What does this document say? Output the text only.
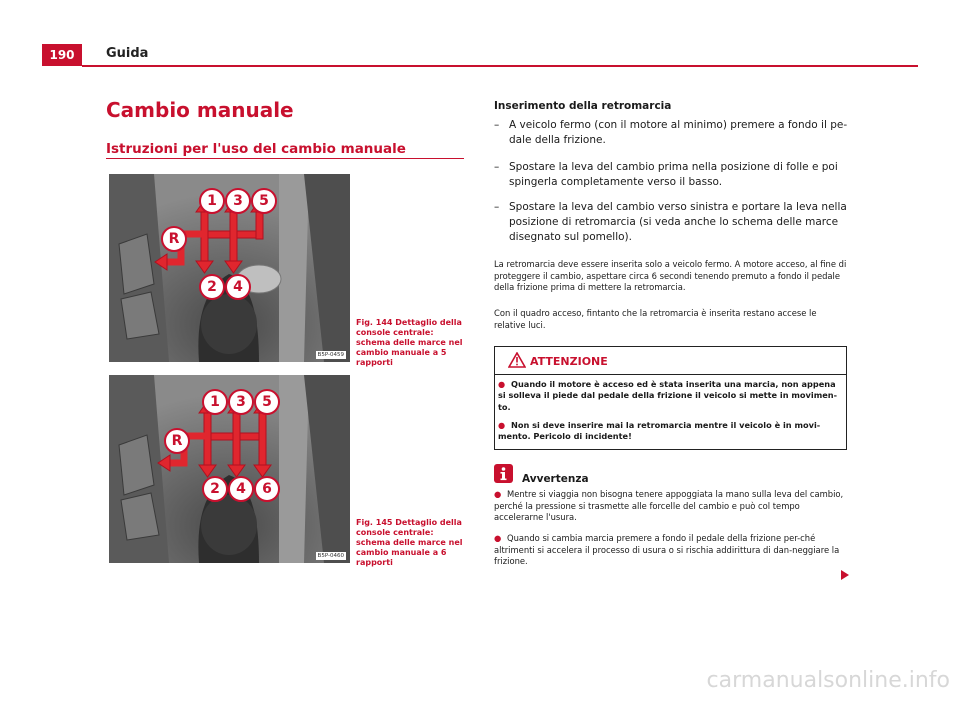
190	Guida
Cambio manuale
Istruzioni per l'uso del cambio manuale
1	3	5
R
2	4
B5P-0459
Fig. 144 Dettaglio della console centrale: schema delle marce nel cambio manuale a 5 rapporti
1	3	5
R
2	4	6
B5P-0460
Fig. 145 Dettaglio della console centrale: schema delle marce nel cambio manuale a 6 rapporti
Inserimento della retromarcia
– A veicolo fermo (con il motore al minimo) premere a fondo il pe-dale della frizione.
– Spostare la leva del cambio prima nella posizione di folle e poi spingerla completamente verso il basso.
– Spostare la leva del cambio verso sinistra e portare la leva nella posizione di retromarcia (si veda anche lo schema delle marce disegnato sul pomello).
La retromarcia deve essere inserita solo a veicolo fermo. A motore acceso, al fine di proteggere il cambio, aspettare circa 6 secondi tenendo premuto a fondo il pedale della frizione prima di mettere la retromarcia.
Con il quadro acceso, fintanto che la retromarcia è inserita restano accese le relative luci.
ATTENZIONE
● Quando il motore è acceso ed è stata inserita una marcia, non appena si solleva il piede dal pedale della frizione il veicolo si mette in movimen-to.
● Non si deve inserire mai la retromarcia mentre il veicolo è in movi-mento. Pericolo di incidente!
Avvertenza
● Mentre si viaggia non bisogna tenere appoggiata la mano sulla leva del cambio, perché la pressione si trasmette alle forcelle del cambio e può col tempo accelerarne l'usura.
● Quando si cambia marcia premere a fondo il pedale della frizione per-ché altrimenti si accelera il processo di usura o si rischia addirittura di dan-neggiare la frizione.
carmanualsonline.info
